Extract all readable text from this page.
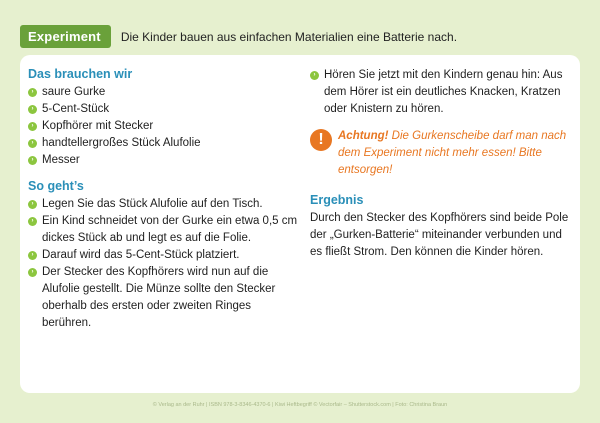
Experiment	Die Kinder bauen aus einfachen Materialien eine Batterie nach.
Das brauchen wir
› saure Gurke
› 5-Cent-Stück
› Kopfhörer mit Stecker
› handtellergroßes Stück Alufolie
› Messer
So geht’s
› Legen Sie das Stück Alufolie auf den Tisch.
› Ein Kind schneidet von der Gurke ein etwa 0,5 cm dickes Stück ab und legt es auf die Folie.
› Darauf wird das 5-Cent-Stück platziert.
› Der Stecker des Kopfhörers wird nun auf die Alufolie gestellt. Die Münze sollte den Stecker oberhalb des ersten oder zweiten Ringes berühren.
› Hören Sie jetzt mit den Kindern genau hin: Aus dem Hörer ist ein deutliches Knacken, Kratzen oder Knistern zu hören.
!	Achtung! Die Gurkenscheibe darf man nach dem Experiment nicht mehr essen! Bitte entsorgen!
Ergebnis

Durch den Stecker des Kopfhörers sind beide Pole der „Gurken-Batterie“ miteinander verbunden und es fließt Strom. Den können die Kinder hören.

© Verlag an der Ruhr | ISBN 978-3-8346-4370-6 | Kiwi Heftbegriff © Vectorfair – Shutterstock.com | Foto: Christina Braun
